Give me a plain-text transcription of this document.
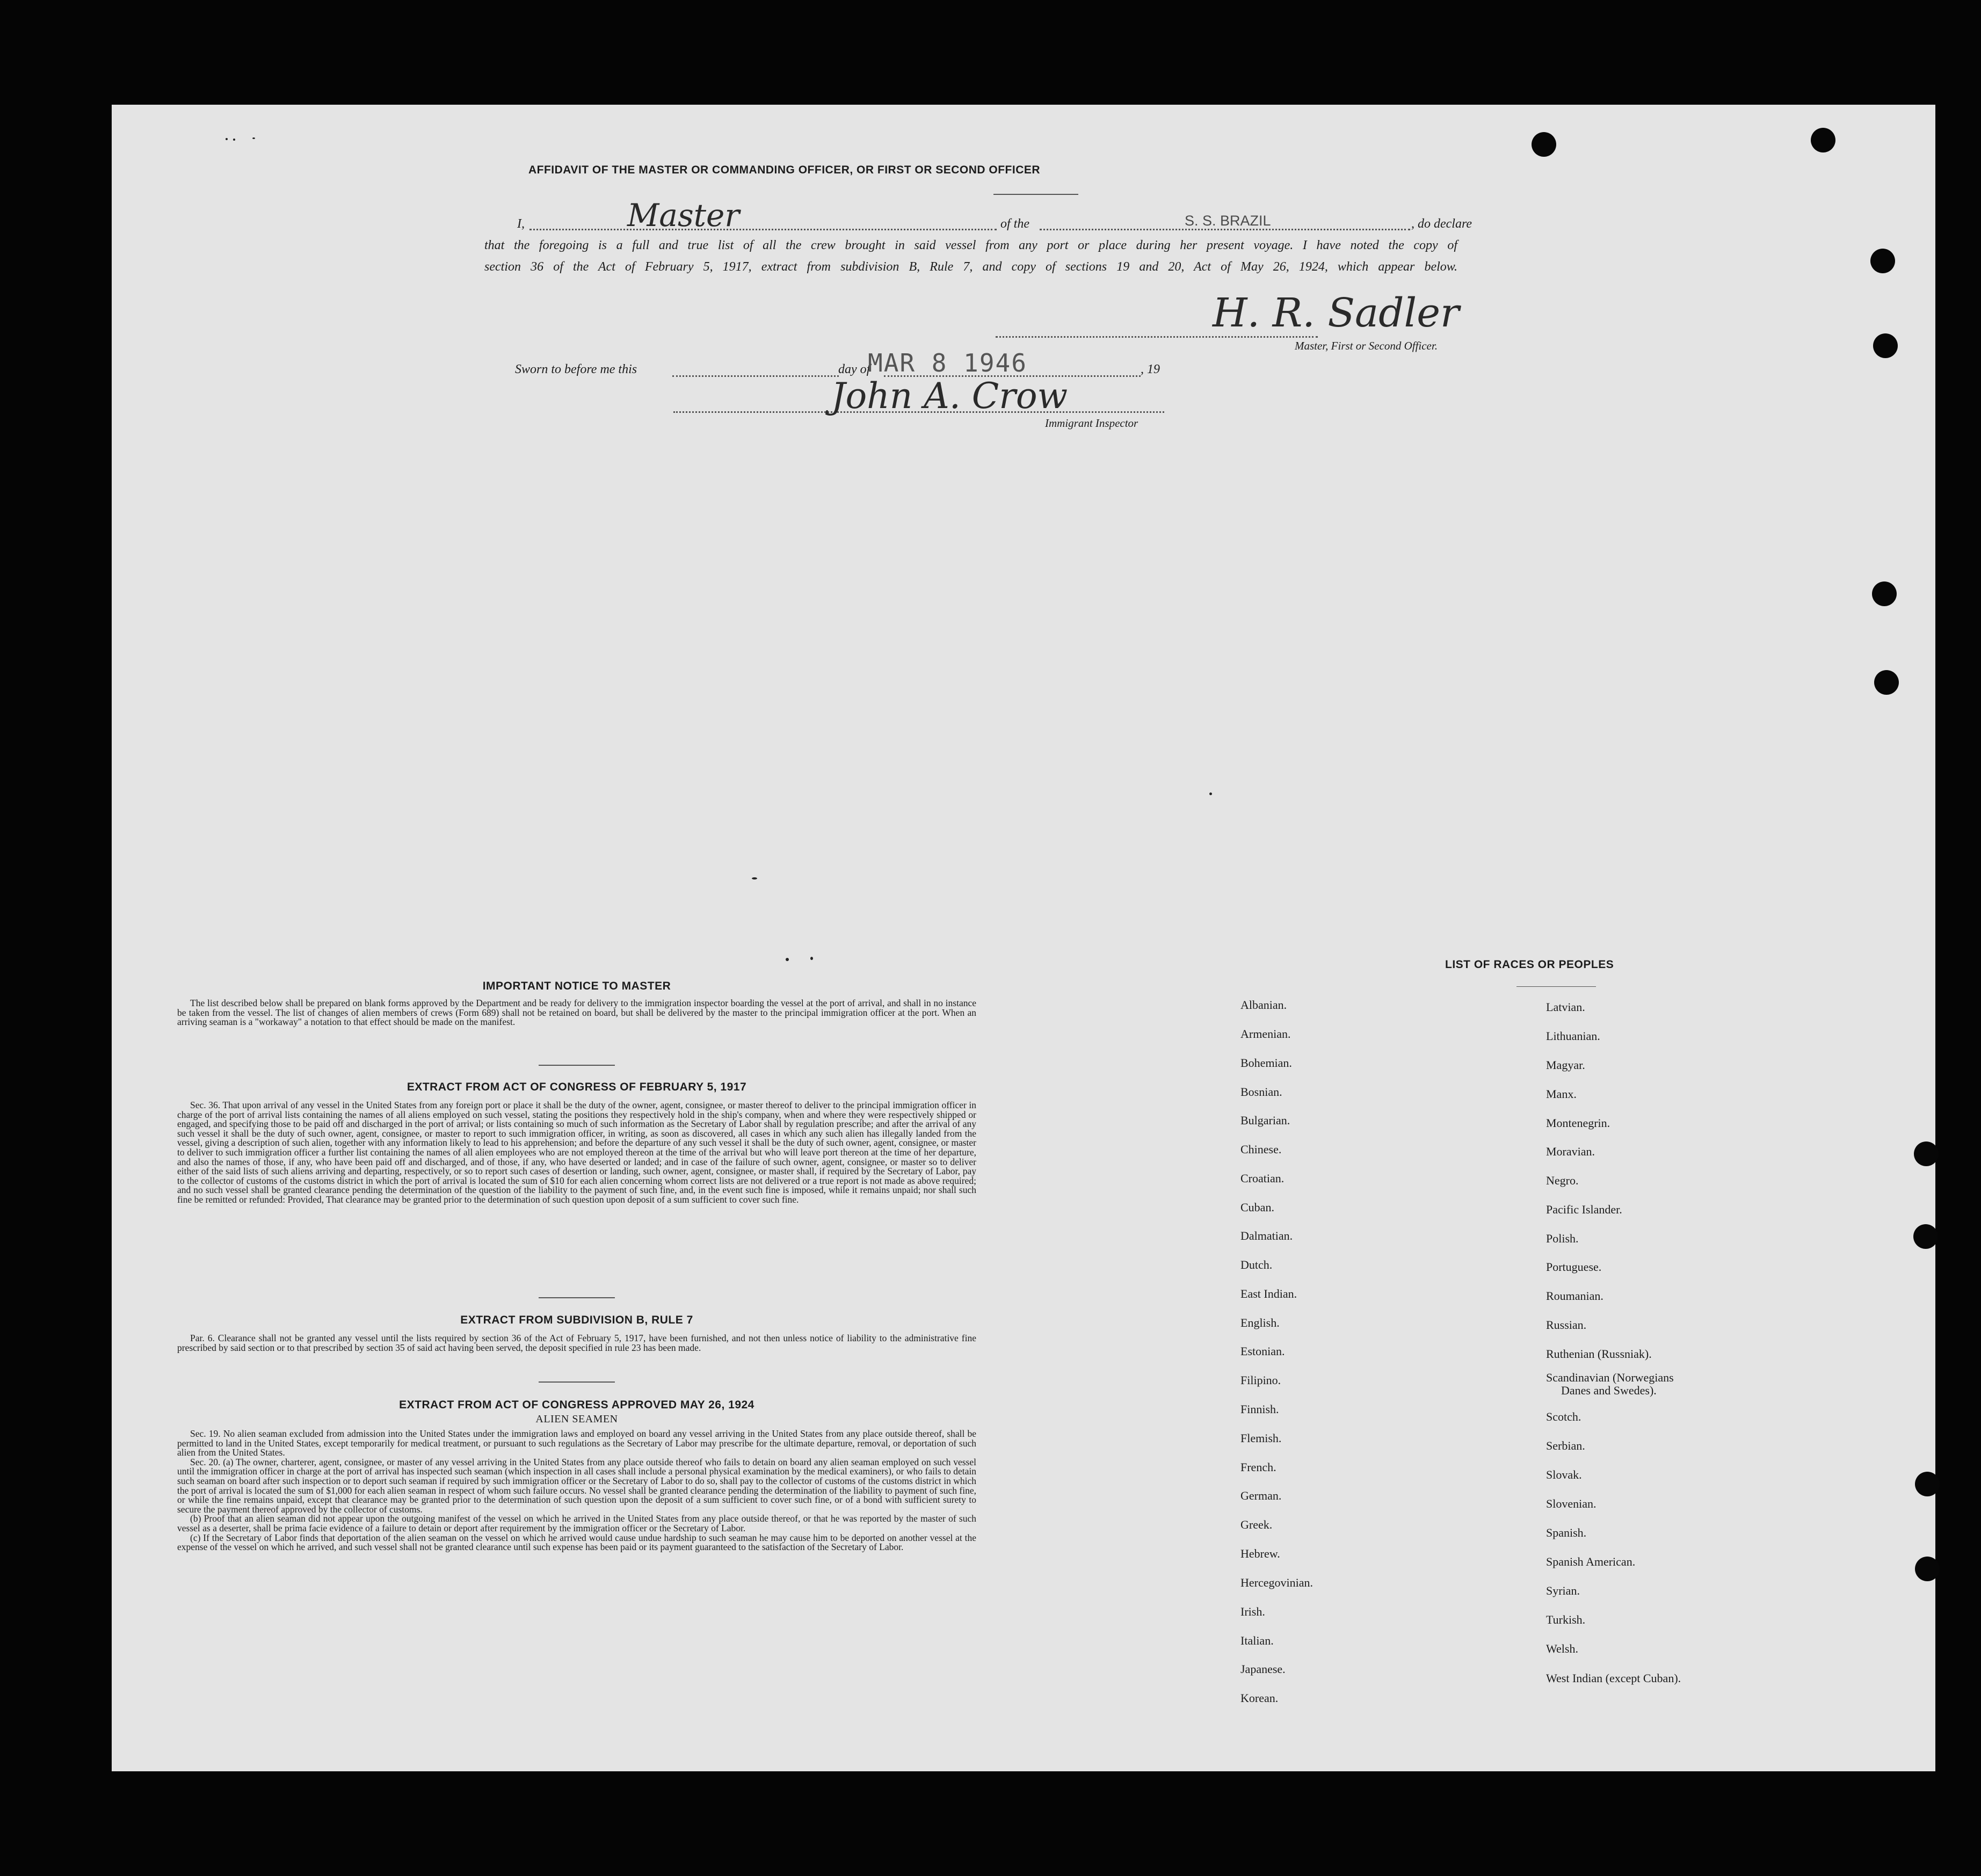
AFFIDAVIT OF THE MASTER OR COMMANDING OFFICER, OR FIRST OR SECOND OFFICER
I,	Master	of the	S. S. BRAZIL	, do declare
that the foregoing is a full and true list of all the crew brought in said vessel from any port or place during her present voyage. I have noted the copy of
section 36 of the Act of February 5, 1917, extract from subdivision B, Rule 7, and copy of sections 19 and 20, Act of May 26, 1924, which appear below.
H. R. Sadler
Master, First or Second Officer.
Sworn to before me this	day of
MAR 8 1946	, 19
John A. Crow
Immigrant Inspector
IMPORTANT NOTICE TO MASTER

The list described below shall be prepared on blank forms approved by the Department and be ready for delivery to the immigration inspector boarding the vessel at the port of arrival, and shall in no instance be taken from the vessel. The list of changes of alien members of crews (Form 689) shall not be retained on board, but shall be delivered by the master to the principal immigration officer at the port. When an arriving seaman is a "workaway" a notation to that effect should be made on the manifest.

EXTRACT FROM ACT OF CONGRESS OF FEBRUARY 5, 1917

Sec. 36. That upon arrival of any vessel in the United States from any foreign port or place it shall be the duty of the owner, agent, consignee, or master thereof to deliver to the principal immigration officer in charge of the port of arrival lists containing the names of all aliens employed on such vessel, stating the positions they respectively hold in the ship's company, when and where they were respectively shipped or engaged, and specifying those to be paid off and discharged in the port of arrival; or lists containing so much of such information as the Secretary of Labor shall by regulation prescribe; and after the arrival of any such vessel it shall be the duty of such owner, agent, consignee, or master to report to such immigration officer, in writing, as soon as discovered, all cases in which any such alien has illegally landed from the vessel, giving a description of such alien, together with any information likely to lead to his apprehension; and before the departure of any such vessel it shall be the duty of such owner, agent, consignee, or master to deliver to such immigration officer a further list containing the names of all alien employees who are not employed thereon at the time of the arrival but who will leave port thereon at the time of her departure, and also the names of those, if any, who have been paid off and discharged, and of those, if any, who have deserted or landed; and in case of the failure of such owner, agent, consignee, or master so to deliver either of the said lists of such aliens arriving and departing, respectively, or so to report such cases of desertion or landing, such owner, agent, consignee, or master shall, if required by the Secretary of Labor, pay to the collector of customs of the customs district in which the port of arrival is located the sum of $10 for each alien concerning whom correct lists are not delivered or a true report is not made as above required; and no such vessel shall be granted clearance pending the determination of the question of the liability to the payment of such fine, and, in the event such fine is imposed, while it remains unpaid; nor shall such fine be remitted or refunded: Provided, That clearance may be granted prior to the determination of such question upon deposit of a sum sufficient to cover such fine.

EXTRACT FROM SUBDIVISION B, RULE 7

Par. 6. Clearance shall not be granted any vessel until the lists required by section 36 of the Act of February 5, 1917, have been furnished, and not then unless notice of liability to the administrative fine prescribed by said section or to that prescribed by section 35 of said act having been served, the deposit specified in rule 23 has been made.

EXTRACT FROM ACT OF CONGRESS APPROVED MAY 26, 1924
ALIEN SEAMEN

Sec. 19. No alien seaman excluded from admission into the United States under the immigration laws and employed on board any vessel arriving in the United States from any place outside thereof, shall be permitted to land in the United States, except temporarily for medical treatment, or pursuant to such regulations as the Secretary of Labor may prescribe for the ultimate departure, removal, or deportation of such alien from the United States.

Sec. 20. (a) The owner, charterer, agent, consignee, or master of any vessel arriving in the United States from any place outside thereof who fails to detain on board any alien seaman employed on such vessel until the immigration officer in charge at the port of arrival has inspected such seaman (which inspection in all cases shall include a personal physical examination by the medical examiners), or who fails to detain such seaman on board after such inspection or to deport such seaman if required by such immigration officer or the Secretary of Labor to do so, shall pay to the collector of customs of the customs district in which the port of arrival is located the sum of $1,000 for each alien seaman in respect of whom such failure occurs. No vessel shall be granted clearance pending the determination of the liability to payment of such fine, or while the fine remains unpaid, except that clearance may be granted prior to the determination of such question upon the deposit of a sum sufficient to cover such fine, or of a bond with sufficient surety to secure the payment thereof approved by the collector of customs.

(b) Proof that an alien seaman did not appear upon the outgoing manifest of the vessel on which he arrived in the United States from any place outside thereof, or that he was reported by the master of such vessel as a deserter, shall be prima facie evidence of a failure to detain or deport after requirement by the immigration officer or the Secretary of Labor.

(c) If the Secretary of Labor finds that deportation of the alien seaman on the vessel on which he arrived would cause undue hardship to such seaman he may cause him to be deported on another vessel at the expense of the vessel on which he arrived, and such vessel shall not be granted clearance until such expense has been paid or its payment guaranteed to the satisfaction of the Secretary of Labor.

LIST OF RACES OR PEOPLES
Albanian.
Armenian.
Bohemian.
Bosnian.
Bulgarian.
Chinese.
Croatian.
Cuban.
Dalmatian.
Dutch.
East Indian.
English.
Estonian.
Filipino.
Finnish.
Flemish.
French.
German.
Greek.
Hebrew.
Hercegovinian.
Irish.
Italian.
Japanese.
Korean.
Latvian.
Lithuanian.
Magyar.
Manx.
Montenegrin.
Moravian.
Negro.
Pacific Islander.
Polish.
Portuguese.
Roumanian.
Russian.
Ruthenian (Russniak).
Scandinavian (Norwegians
Danes and Swedes).
Scotch.
Serbian.
Slovak.
Slovenian.
Spanish.
Spanish American.
Syrian.
Turkish.
Welsh.
West Indian (except Cuban).
